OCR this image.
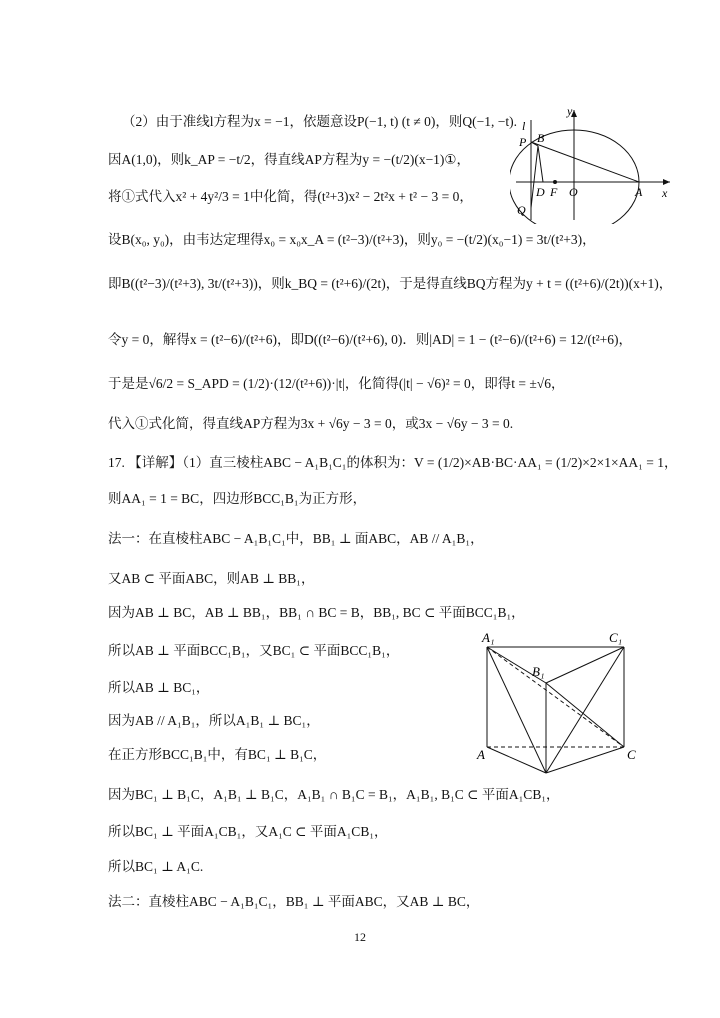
（2）由于准线l方程为x = −1，依题意设P(−1, t) (t ≠ 0)，则Q(−1, −t).
因A(1,0)，则k_AP = −t/2，得直线AP方程为y = −(t/2)(x−1)①，
将①式代入x² + 4y²/3 = 1中化简，得(t²+3)x² − 2t²x + t² − 3 = 0，
设B(x₀, y₀)，由韦达定理得x₀ = x₀x_A = (t²−3)/(t²+3)，则y₀ = −(t/2)(x₀−1) = 3t/(t²+3)，
即B((t²−3)/(t²+3), 3t/(t²+3))，则k_BQ = (t²+6)/(2t)，于是得直线BQ方程为y + t = ((t²+6)/(2t))(x+1)，
令y = 0，解得x = (t²−6)/(t²+6)，即D((t²−6)/(t²+6), 0)．则|AD| = 1 − (t²−6)/(t²+6) = 12/(t²+6)，
于是是√6/2 = S_APD = (1/2)·(12/(t²+6))·|t|，化简得(|t| − √6)² = 0，即得t = ±√6，
代入①式化简，得直线AP方程为3x + √6y − 3 = 0，或3x − √6y − 3 = 0.
17. 【详解】（1）直三棱柱ABC − A₁B₁C₁的体积为：V = (1/2)×AB·BC·AA₁ = (1/2)×2×1×AA₁ = 1，
则AA₁ = 1 = BC，四边形BCC₁B₁为正方形，
法一：在直棱柱ABC − A₁B₁C₁中，BB₁ ⊥ 面ABC，AB // A₁B₁，
又AB ⊂ 平面ABC，则AB ⊥ BB₁，
因为AB ⊥ BC，AB ⊥ BB₁，BB₁ ∩ BC = B，BB₁, BC ⊂ 平面BCC₁B₁，
所以AB ⊥ 平面BCC₁B₁，又BC₁ ⊂ 平面BCC₁B₁，
所以AB ⊥ BC₁，
因为AB // A₁B₁，所以A₁B₁ ⊥ BC₁，
在正方形BCC₁B₁中，有BC₁ ⊥ B₁C，
因为BC₁ ⊥ B₁C，A₁B₁ ⊥ B₁C，A₁B₁ ∩ B₁C = B₁，A₁B₁, B₁C ⊂ 平面A₁CB₁，
所以BC₁ ⊥ 平面A₁CB₁，又A₁C ⊂ 平面A₁CB₁，
所以BC₁ ⊥ A₁C.
法二：直棱柱ABC − A₁B₁C₁，BB₁ ⊥ 平面ABC，又AB ⊥ BC，
y
x
l
P B
D F O	A
Q
A₁	C₁
B₁
A	C
12
